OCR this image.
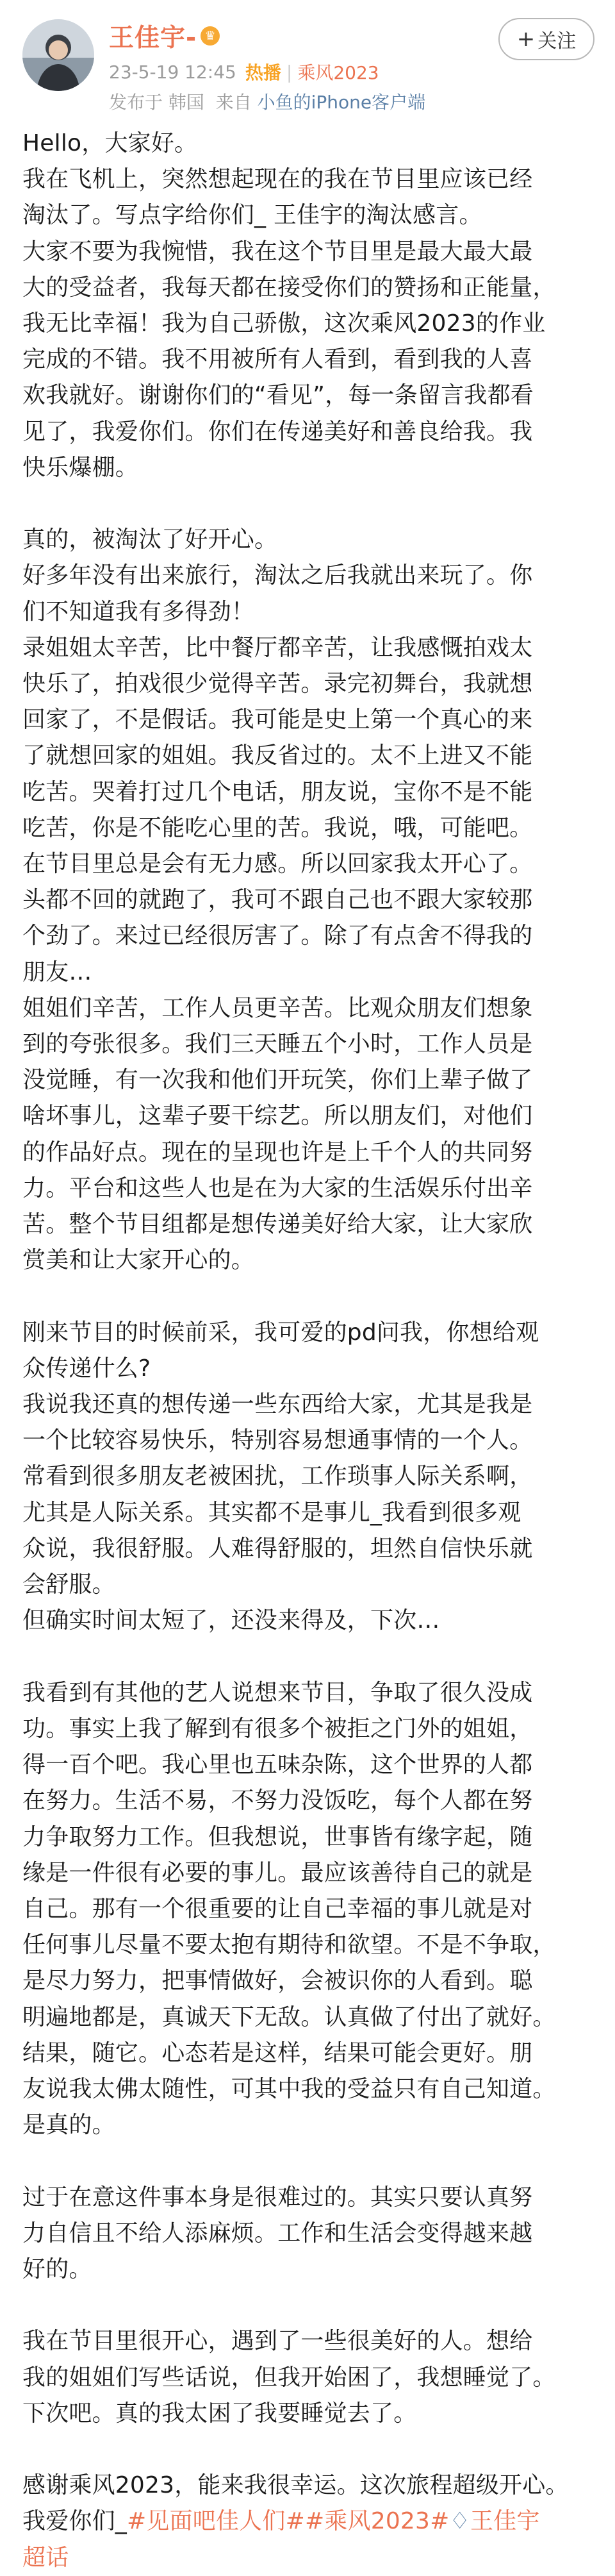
王佳宇- ♛
23-5-19 12:45 热播 | 乘风2023
发布于 韩国 来自 小鱼的iPhone客户端
+ 关注

Hello，大家好。

我在飞机上，突然想起现在的我在节目里应该已经

淘汰了。写点字给你们_ 王佳宇的淘汰感言。

大家不要为我惋惜，我在这个节目里是最大最大最

大的受益者，我每天都在接受你们的赞扬和正能量，

我无比幸福！我为自己骄傲，这次乘风2023的作业

完成的不错。我不用被所有人看到，看到我的人喜

欢我就好。谢谢你们的“看见”，每一条留言我都看

见了，我爱你们。你们在传递美好和善良给我。我

快乐爆棚。

真的，被淘汰了好开心。

好多年没有出来旅行，淘汰之后我就出来玩了。你

们不知道我有多得劲！

录姐姐太辛苦，比中餐厅都辛苦，让我感慨拍戏太

快乐了，拍戏很少觉得辛苦。录完初舞台，我就想

回家了，不是假话。我可能是史上第一个真心的来

了就想回家的姐姐。我反省过的。太不上进又不能

吃苦。哭着打过几个电话，朋友说，宝你不是不能

吃苦，你是不能吃心里的苦。我说，哦，可能吧。

在节目里总是会有无力感。所以回家我太开心了。

头都不回的就跑了，我可不跟自己也不跟大家较那

个劲了。来过已经很厉害了。除了有点舍不得我的

朋友…

姐姐们辛苦，工作人员更辛苦。比观众朋友们想象

到的夸张很多。我们三天睡五个小时，工作人员是

没觉睡，有一次我和他们开玩笑，你们上辈子做了

啥坏事儿，这辈子要干综艺。所以朋友们，对他们

的作品好点。现在的呈现也许是上千个人的共同努

力。平台和这些人也是在为大家的生活娱乐付出辛

苦。整个节目组都是想传递美好给大家，让大家欣

赏美和让大家开心的。

刚来节目的时候前采，我可爱的pd问我，你想给观

众传递什么?

我说我还真的想传递一些东西给大家，尤其是我是

一个比较容易快乐，特别容易想通事情的一个人。

常看到很多朋友老被困扰，工作琐事人际关系啊，

尤其是人际关系。其实都不是事儿_我看到很多观

众说，我很舒服。人难得舒服的，坦然自信快乐就

会舒服。

但确实时间太短了，还没来得及，下次…

我看到有其他的艺人说想来节目，争取了很久没成

功。事实上我了解到有很多个被拒之门外的姐姐，

得一百个吧。我心里也五味杂陈，这个世界的人都

在努力。生活不易，不努力没饭吃，每个人都在努

力争取努力工作。但我想说，世事皆有缘字起，随

缘是一件很有必要的事儿。最应该善待自己的就是

自己。那有一个很重要的让自己幸福的事儿就是对

任何事儿尽量不要太抱有期待和欲望。不是不争取，

是尽力努力，把事情做好，会被识你的人看到。聪

明遍地都是，真诚天下无敌。认真做了付出了就好。

结果，随它。心态若是这样，结果可能会更好。朋

友说我太佛太随性，可其中我的受益只有自己知道。

是真的。

过于在意这件事本身是很难过的。其实只要认真努

力自信且不给人添麻烦。工作和生活会变得越来越

好的。

我在节目里很开心，遇到了一些很美好的人。想给

我的姐姐们写些话说，但我开始困了，我想睡觉了。

下次吧。真的我太困了我要睡觉去了。

感谢乘风2023，能来我很幸运。这次旅程超级开心。

我爱你们_#见面吧佳人们##乘风2023#♢王佳宇
超话
